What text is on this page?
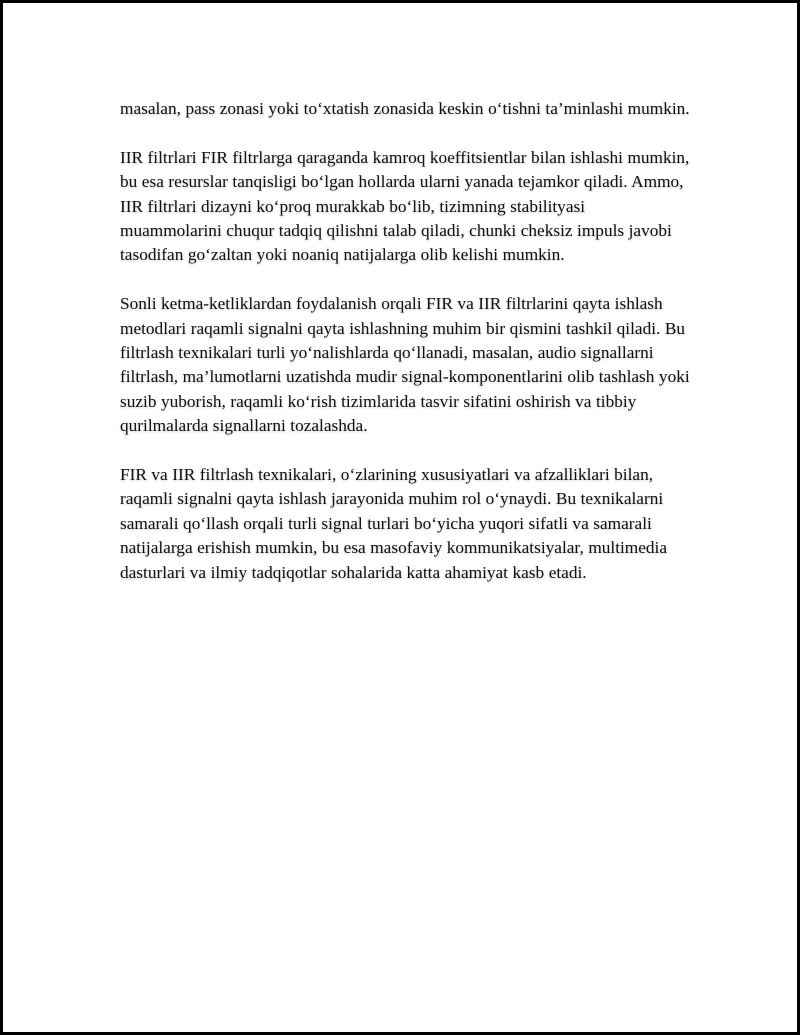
masalan, pass zonasi yoki to‘xtatish zonasida keskin o‘tishni ta’minlashi mumkin.

IIR filtrlari FIR filtrlarga qaraganda kamroq koeffitsientlar bilan ishlashi mumkin, bu esa resurslar tanqisligi bo‘lgan hollarda ularni yanada tejamkor qiladi. Ammo, IIR filtrlari dizayni ko‘proq murakkab bo‘lib, tizimning stabilityasi muammolarini chuqur tadqiq qilishni talab qiladi, chunki cheksiz impuls javobi tasodifan go‘zaltan yoki noaniq natijalarga olib kelishi mumkin.

Sonli ketma-ketliklardan foydalanish orqali FIR va IIR filtrlarini qayta ishlash metodlari raqamli signalni qayta ishlashning muhim bir qismini tashkil qiladi. Bu filtrlash texnikalari turli yo‘nalishlarda qo‘llanadi, masalan, audio signallarni filtrlash, ma’lumotlarni uzatishda mudir signal-komponentlarini olib tashlash yoki suzib yuborish, raqamli ko‘rish tizimlarida tasvir sifatini oshirish va tibbiy qurilmalarda signallarni tozalashda.

FIR va IIR filtrlash texnikalari, o‘zlarining xususiyatlari va afzalliklari bilan, raqamli signalni qayta ishlash jarayonida muhim rol o‘ynaydi. Bu texnikalarni samarali qo‘llash orqali turli signal turlari bo‘yicha yuqori sifatli va samarali natijalarga erishish mumkin, bu esa masofaviy kommunikatsiyalar, multimedia dasturlari va ilmiy tadqiqotlar sohalarida katta ahamiyat kasb etadi.
